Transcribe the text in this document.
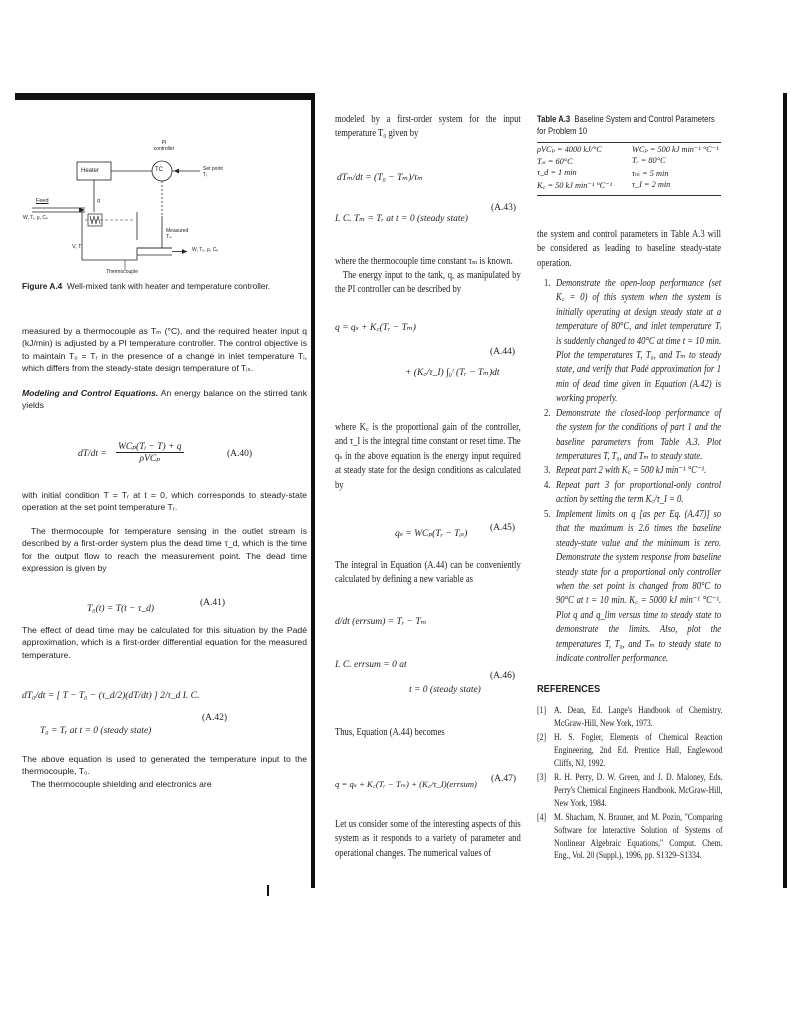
PI
controller
TC	Set point
Tᵣ
Heater
Feed
W, Tᵢ, ρ, Cₚ
q
V, T
Measured
Tₘ
W, T₀, ρ, Cₚ
Thermocouple
Figure A.4 Well-mixed tank with heater and temperature controller.

measured by a thermocouple as Tₘ (°C), and the required heater input q (kJ/min) is adjusted by a PI temperature controller. The control objective is to maintain T₀ = Tᵣ in the presence of a change in inlet temperature Tᵢ, which differs from the steady-state design temperature of Tᵢₛ.

Modeling and Control Equations. An energy balance on the stirred tank yields

dT/dt =
WCₚ(Tᵢ − T) + q
ρVCₚ	(A.40)

with initial condition T = Tᵣ at t = 0, which corresponds to steady-state operation at the set point temperature Tᵣ.

The thermocouple for temperature sensing in the outlet stream is described by a first-order system plus the dead time τ_d, which is the time for the output flow to reach the measurement point. The dead time expression is given by

T₀(t) = T(t − τ_d)
(A.41)

The effect of dead time may be calculated for this situation by the Padé approximation, which is a first-order differential equation for the measured temperature.

dT₀/dt = [ T − T₀ − (τ_d/2)(dT/dt) ] 2/τ_d I. C.
(A.42)
T₀ = Tᵣ at t = 0 (steady state)

The above equation is used to generated the temperature input to the thermocouple, T₀.

The thermocouple shielding and electronics are

modeled by a first-order system for the input temperature T₀ given by

dTₘ/dt = (T₀ − Tₘ)/τₘ
(A.43)
I. C. Tₘ = Tᵣ at t = 0 (steady state)

where the thermocouple time constant τₘ is known.

The energy input to the tank, q, as manipulated by the PI controller can be described by

q = qₛ + K꜀(Tᵣ − Tₘ)
(A.44)
+ (K꜀/τ_I) ∫₀ᵗ (Tᵣ − Tₘ)dt

where K꜀ is the proportional gain of the controller, and τ_I is the integral time constant or reset time. The qₛ in the above equation is the energy input required at steady state for the design conditions as calculated by

qₛ = WCₚ(Tᵣ − Tᵢₛ)
(A.45)

The integral in Equation (A.44) can be conveniently calculated by defining a new variable as

d/dt (errsum) = Tᵣ − Tₘ
I. C. errsum = 0 at
(A.46)
t = 0 (steady state)

Thus, Equation (A.44) becomes

q = qₛ + K꜀(Tᵣ − Tₘ) + (K꜀/τ_I)(errsum) (A.47)

Let us consider some of the interesting aspects of this system as it responds to a variety of parameter and operational changes. The numerical values of

Table A.3 Baseline System and Control Parameters for Problem 10
ρVCₚ = 4000 kJ/°C	WCₚ = 500 kJ min⁻¹ °C⁻¹
Tᵢₛ = 60°C	Tᵣ = 80°C
τ_d = 1 min	τₘ = 5 min
K꜀ = 50 kJ min⁻¹ °C⁻¹ τ_I = 2 min

the system and control parameters in Table A.3 will be considered as leading to baseline steady-state operation.

1. Demonstrate the open-loop performance (set K꜀ = 0) of this system when the system is initially operating at design steady state at a temperature of 80°C, and inlet temperature Tᵢ is suddenly changed to 40°C at time t = 10 min. Plot the temperatures T, T₀, and Tₘ to steady state, and verify that Padé approximation for 1 min of dead time given in Equation (A.42) is working properly.

2. Demonstrate the closed-loop performance of the system for the conditions of part 1 and the baseline parameters from Table A.3. Plot temperatures T, T₀, and Tₘ to steady state.

3. Repeat part 2 with K꜀ = 500 kJ min⁻¹ °C⁻¹.

4. Repeat part 3 for proportional-only control action by setting the term K꜀/τ_I = 0.

5. Implement limits on q [as per Eq. (A.47)] so that the maximum is 2.6 times the baseline steady-state value and the minimum is zero. Demonstrate the system response from baseline steady state for a proportional only controller when the set point is changed from 80°C to 90°C at t = 10 min. K꜀ = 5000 kJ min⁻¹ °C⁻¹. Plot q and q_lim versus time to steady state to demonstrate the limits. Also, plot the temperatures T, T₀, and Tₘ to steady state to indicate controller performance.

REFERENCES
[1] A. Dean, Ed. Lange's Handbook of Chemistry. McGraw-Hill, New York, 1973.

[2] H. S. Fogler, Elements of Chemical Reaction Engineering, 2nd Ed. Prentice Hall, Englewood Cliffs, NJ, 1992.

[3] R. H. Perry, D. W. Green, and J. D. Maloney, Eds. Perry's Chemical Engineers Handbook. McGraw-Hill, New York, 1984.

[4] M. Shacham, N. Brauner, and M. Pozin, "Comparing Software for Interactive Solution of Systems of Nonlinear Algebraic Equations," Comput. Chem. Eng., Vol. 20 (Suppl.), 1996, pp. S1329–S1334.
